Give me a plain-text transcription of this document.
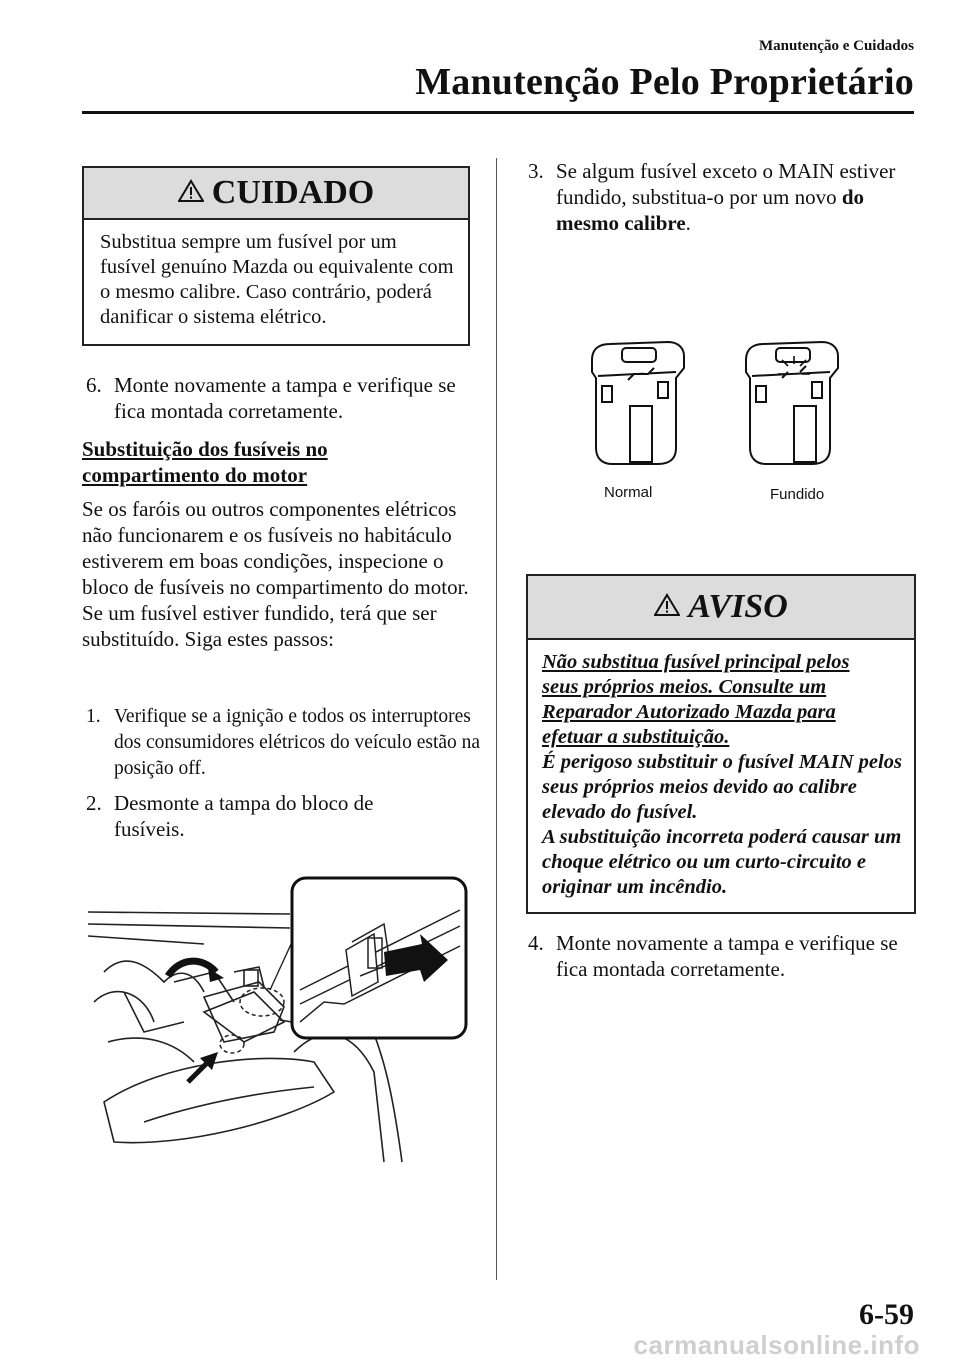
Manutenção e Cuidados
Manutenção Pelo Proprietário
CUIDADO
Substitua sempre um fusível por um fusível genuíno Mazda ou equivalente com o mesmo calibre. Caso contrário, poderá danificar o sistema elétrico.
6. Monte novamente a tampa e verifique se fica montada corretamente.
Substituição dos fusíveis no
compartimento do motor
Se os faróis ou outros componentes elétricos não funcionarem e os fusíveis no habitáculo estiverem em boas condições, inspecione o bloco de fusíveis no compartimento do motor. Se um fusível estiver fundido, terá que ser substituído. Siga estes passos:
1. Verifique se a ignição e todos os interruptores dos consumidores elétricos do veículo estão na posição off.
2. Desmonte a tampa do bloco de fusíveis.
3. Se algum fusível exceto o MAIN estiver fundido, substitua-o por um novo do mesmo calibre.
Normal	Fundido
AVISO
Não substitua fusível principal pelos
seus próprios meios. Consulte um
Reparador Autorizado Mazda para
efetuar a substituição.
É perigoso substituir o fusível MAIN pelos seus próprios meios devido ao calibre elevado do fusível.
A substituição incorreta poderá causar um choque elétrico ou um curto-circuito e originar um incêndio.
4. Monte novamente a tampa e verifique se fica montada corretamente.
6-59
carmanualsonline.info
